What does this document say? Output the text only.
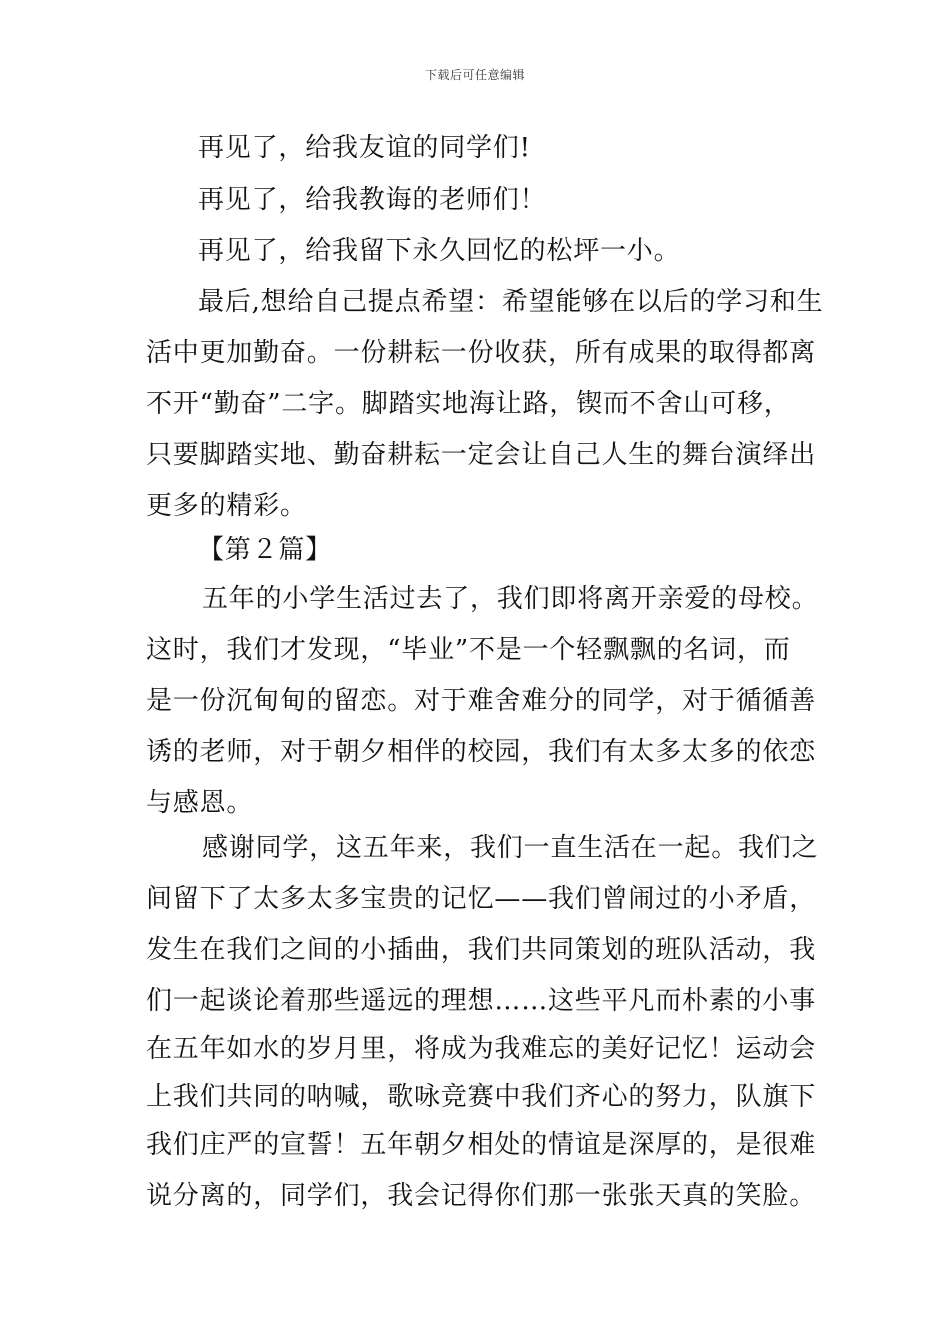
下载后可任意编辑
再见了，给我友谊的同学们!
再见了，给我教诲的老师们！
再见了，给我留下永久回忆的松坪一小。
最后,想给自己提点希望：希望能够在以后的学习和生
活中更加勤奋。一份耕耘一份收获，所有成果的取得都离
不开“勤奋”二字。脚踏实地海让路，锲而不舍山可移，
只要脚踏实地、勤奋耕耘一定会让自己人生的舞台演绎出
更多的精彩。
【第２篇】
五年的小学生活过去了，我们即将离开亲爱的母校。
这时，我们才发现，“毕业”不是一个轻飘飘的名词，而
是一份沉甸甸的留恋。对于难舍难分的同学，对于循循善
诱的老师，对于朝夕相伴的校园，我们有太多太多的依恋
与感恩。
感谢同学，这五年来，我们一直生活在一起。我们之
间留下了太多太多宝贵的记忆——我们曾闹过的小矛盾，
发生在我们之间的小插曲，我们共同策划的班队活动，我
们一起谈论着那些遥远的理想……这些平凡而朴素的小事
在五年如水的岁月里，将成为我难忘的美好记忆！运动会
上我们共同的呐喊，歌咏竞赛中我们齐心的努力，队旗下
我们庄严的宣誓！五年朝夕相处的情谊是深厚的，是很难
说分离的，同学们，我会记得你们那一张张天真的笑脸。
